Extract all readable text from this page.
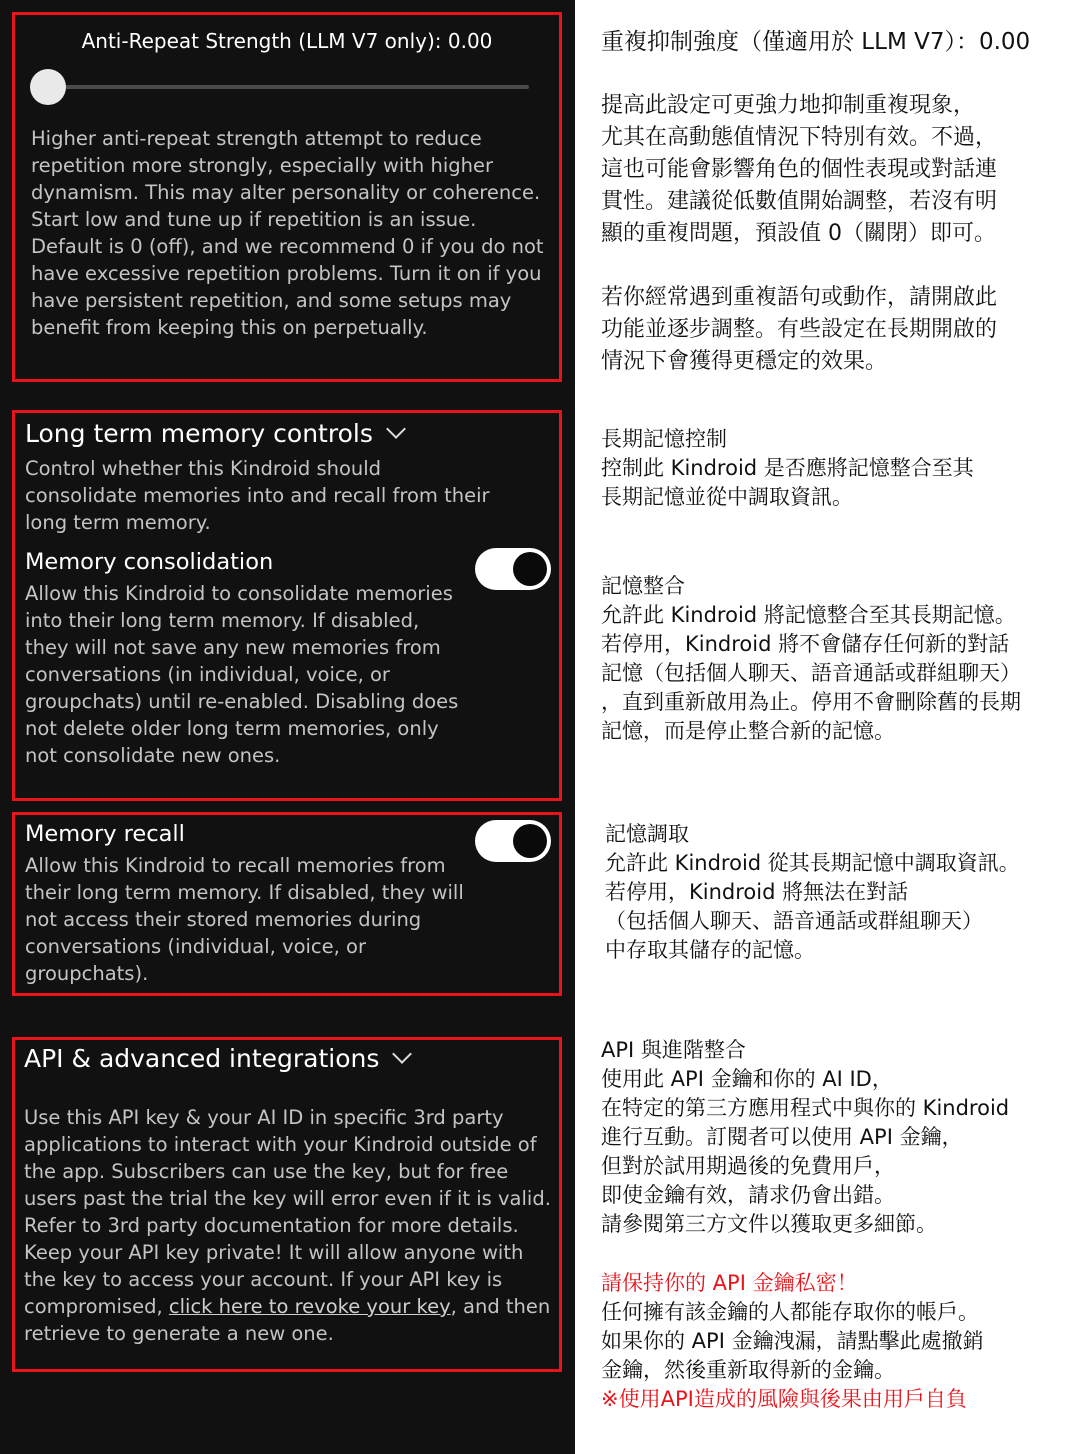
Anti-Repeat Strength (LLM V7 only): 0.00
Higher anti-repeat strength attempt to reduce repetition more strongly, especially with higher dynamism. This may alter personality or coherence. Start low and tune up if repetition is an issue. Default is 0 (off), and we recommend 0 if you do not have excessive repetition problems. Turn it on if you have persistent repetition, and some setups may benefit from keeping this on perpetually.
Long term memory controls
Control whether this Kindroid should consolidate memories into and recall from their long term memory.
Memory consolidation
Allow this Kindroid to consolidate memories into their long term memory. If disabled, they will not save any new memories from conversations (in individual, voice, or groupchats) until re-enabled. Disabling does not delete older long term memories, only not consolidate new ones.
Memory recall
Allow this Kindroid to recall memories from their long term memory. If disabled, they will not access their stored memories during conversations (individual, voice, or groupchats).
API & advanced integrations
Use this API key & your AI ID in specific 3rd party applications to interact with your Kindroid outside of the app. Subscribers can use the key, but for free users past the trial the key will error even if it is valid. Refer to 3rd party documentation for more details. Keep your API key private! It will allow anyone with the key to access your account. If your API key is compromised, click here to revoke your key, and then retrieve to generate a new one.
重複抑制強度（僅適用於 LLM V7）：0.00
提高此設定可更強力地抑制重複現象，
尤其在高動態值情況下特別有效。不過，
這也可能會影響角色的個性表現或對話連
貫性。建議從低數值開始調整，若沒有明
顯的重複問題，預設值 0（關閉）即可。
若你經常遇到重複語句或動作，請開啟此
功能並逐步調整。有些設定在長期開啟的
情況下會獲得更穩定的效果。
長期記憶控制
控制此 Kindroid 是否應將記憶整合至其
長期記憶並從中調取資訊。
記憶整合
允許此 Kindroid 將記憶整合至其長期記憶。
若停用，Kindroid 將不會儲存任何新的對話
記憶（包括個人聊天、語音通話或群組聊天）
，直到重新啟用為止。停用不會刪除舊的長期
記憶，而是停止整合新的記憶。
記憶調取
允許此 Kindroid 從其長期記憶中調取資訊。
若停用，Kindroid 將無法在對話
（包括個人聊天、語音通話或群組聊天）
中存取其儲存的記憶。
API 與進階整合
使用此 API 金鑰和你的 AI ID，
在特定的第三方應用程式中與你的 Kindroid
進行互動。訂閱者可以使用 API 金鑰，
但對於試用期過後的免費用戶，
即使金鑰有效，請求仍會出錯。
請參閱第三方文件以獲取更多細節。
請保持你的 API 金鑰私密！
任何擁有該金鑰的人都能存取你的帳戶。
如果你的 API 金鑰洩漏，請點擊此處撤銷
金鑰，然後重新取得新的金鑰。
※使用API造成的風險與後果由用戶自負
